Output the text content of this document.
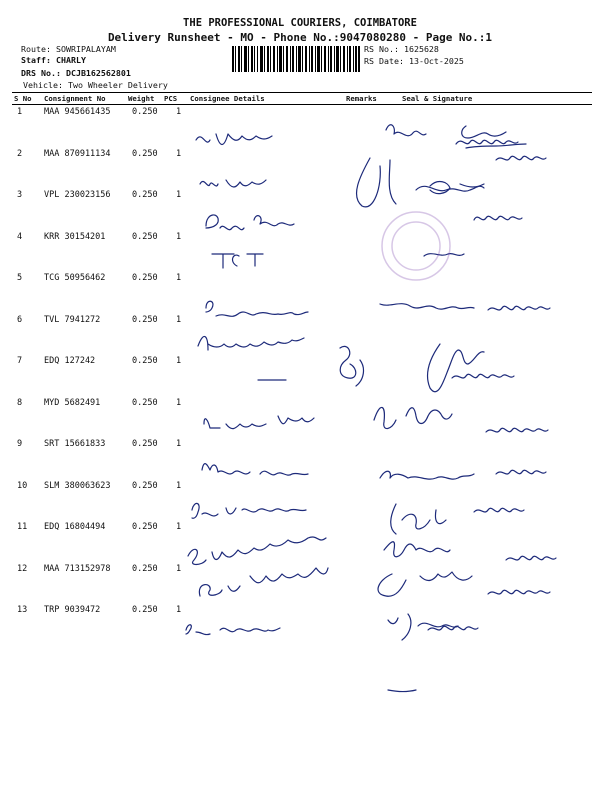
THE PROFESSIONAL COURIERS, COIMBATORE
Delivery Runsheet - MO - Phone No.:9047080280 - Page No.:1
Route: SOWRIPALAYAM
Staff: CHARLY
DRS No.: DCJB162562801
Vehicle: Two Wheeler Delivery
RS No.: 1625628
RS Date: 13-Oct-2025
S No Consignment No	Weight PCS Consignee Details	Remarks	Seal & Signature
1	MAA 945661435	0.250 1
2	MAA 870911134	0.250 1
3	VPL 230023156	0.250 1
4	KRR 30154201	0.250 1
5	TCG 50956462	0.250 1
6	TVL 7941272	0.250 1
7	EDQ 127242	0.250 1
8	MYD 5682491	0.250 1
9	SRT 15661833	0.250 1
10 SLM 380063623	0.250 1
11 EDQ 16804494	0.250 1
12 MAA 713152978	0.250 1
13 TRP 9039472	0.250 1
